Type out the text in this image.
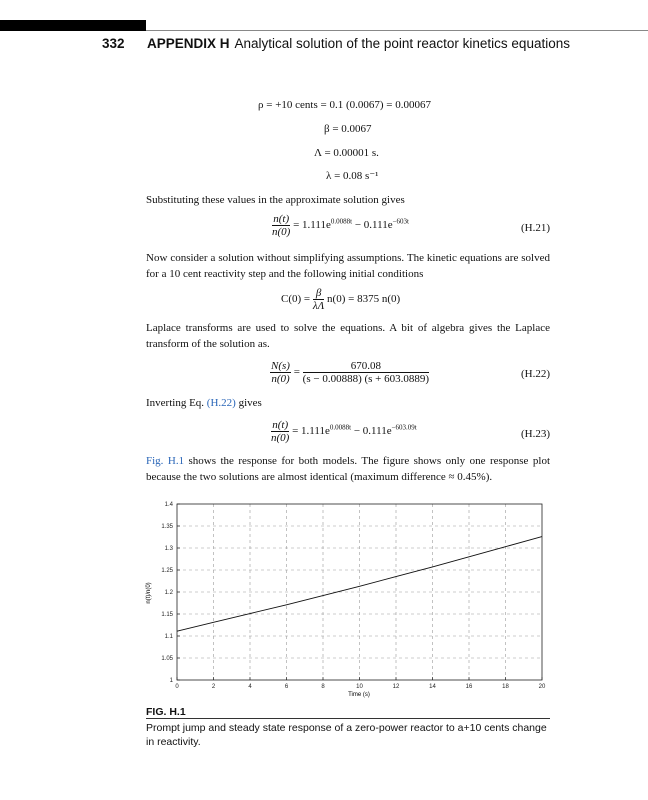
332 APPENDIX H Analytical solution of the point reactor kinetics equations
ρ = +10 cents = 0.1 (0.0067) = 0.00067
β = 0.0067
Λ = 0.00001 s.
λ = 0.08 s⁻¹
Substituting these values in the approximate solution gives
$\frac{n(t)}{n(0)} = 1.111e^{0.0088t} - 0.111e^{-603t}$
(H.21)
Now consider a solution without simplifying assumptions. The kinetic equations are solved for a 10 cent reactivity step and the following initial conditions
$C(0) = \frac{\beta}{\lambda\Lambda} n(0) = 8375$ n(0)
Laplace transforms are used to solve the equations. A bit of algebra gives the Laplace transform of the solution as.
$\frac{N(s)}{n(0)} = \frac{670.08}{(s - 0.00888) (s + 603.0889)}$	(H.22)
Inverting Eq. (H.22) gives
$\frac{n(t)}{n(0)} = 1.111e^{0.0088t} - 0.111e^{-603.09t}$
(H.23)
Fig. H.1 shows the response for both models. The figure shows only one response plot because the two solutions are almost identical (maximum difference ≈ 0.45%).
0	2	4	6	8	10	12	14	16	18	20
1
1.05
1.1
1.15
1.2
1.25
1.3
1.35
1.4
Time (s)
n(t)/n(0)
FIG. H.1
Prompt jump and steady state response of a zero-power reactor to a+10 cents change in reactivity.
